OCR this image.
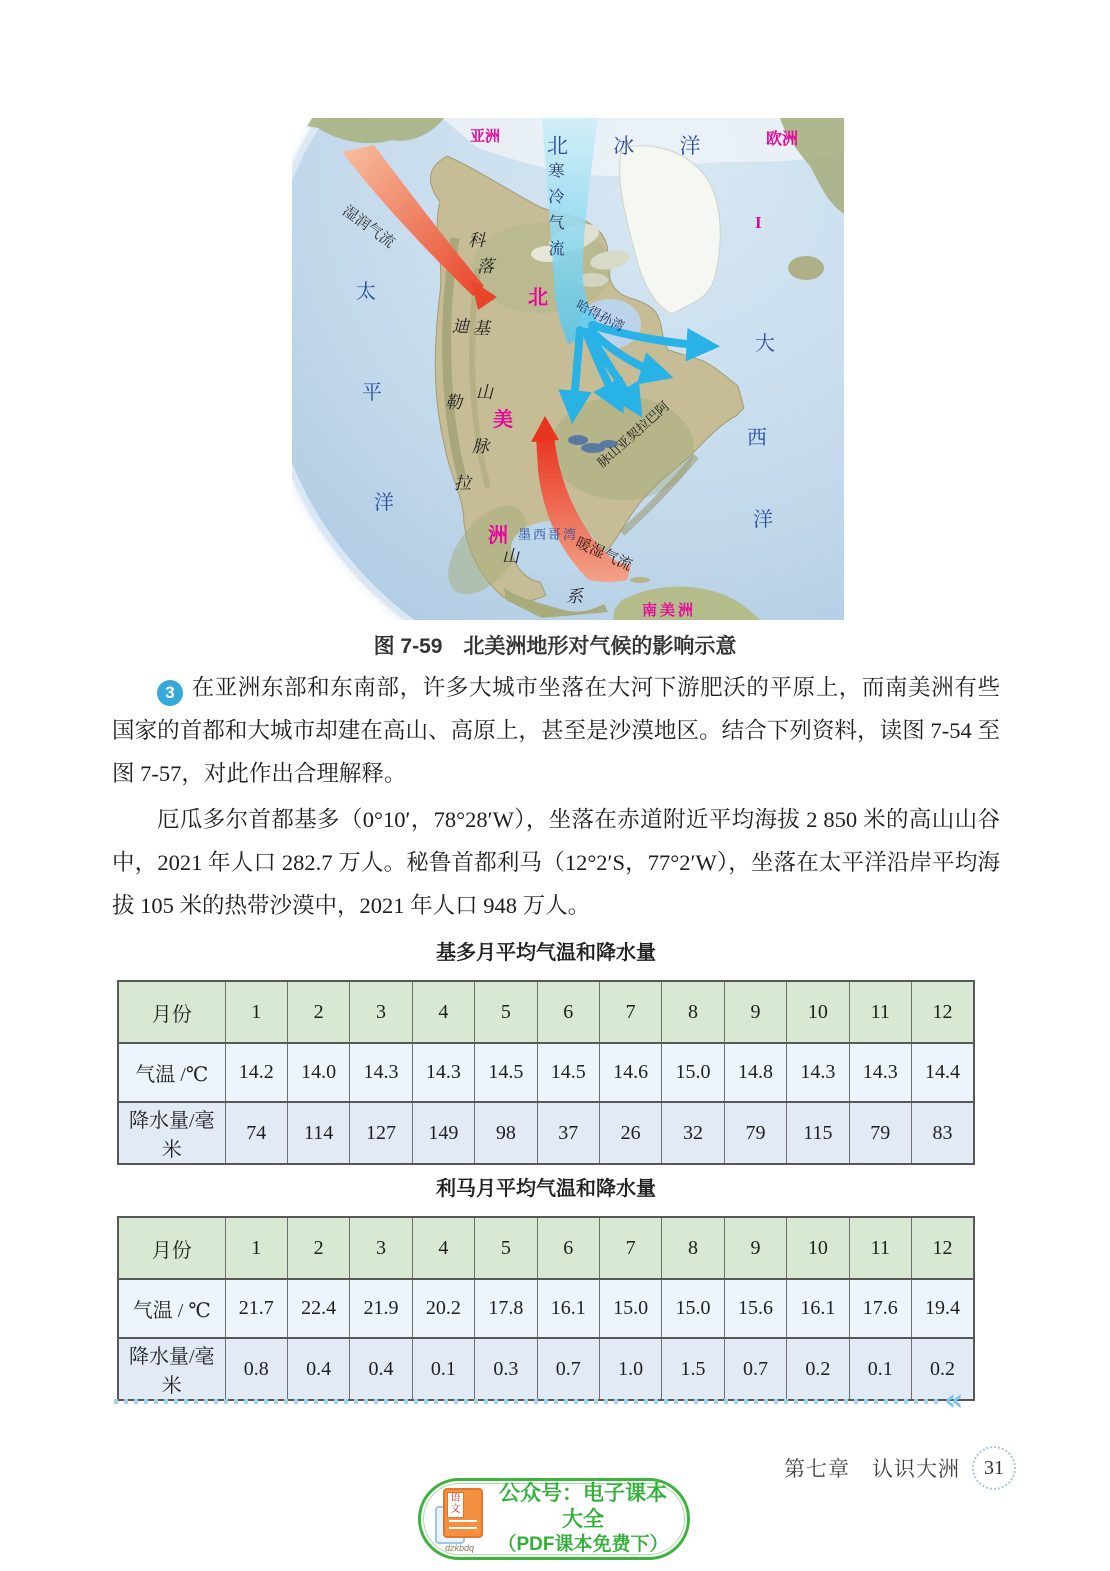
亚洲 北 冰 洋	欧洲
寒冷气流
湿润气流
太
平
洋
大
西
洋
北
美
洲
科
落
迪 基
勒
山
脉
拉
山
系
哈得孙湾
脉山亚契拉巴阿
墨西哥湾
暖湿气流
南美洲
I
图 7-59　北美洲地形对气候的影响示意

3 在亚洲东部和东南部，许多大城市坐落在大河下游肥沃的平原上，而南美洲有些国家的首都和大城市却建在高山、高原上，甚至是沙漠地区。结合下列资料，读图 7-54 至图 7-57，对此作出合理解释。

厄瓜多尔首都基多（0°10′，78°28′W），坐落在赤道附近平均海拔 2 850 米的高山山谷中，2021 年人口 282.7 万人。秘鲁首都利马（12°2′S，77°2′W），坐落在太平洋沿岸平均海拔 105 米的热带沙漠中，2021 年人口 948 万人。

基多月平均气温和降水量
月份	1	2	3	4	5	6	7	8	9	10	11	12
气温 /℃	14.2	14.0	14.3	14.3	14.5	14.5	14.6	15.0	14.8	14.3	14.3	14.4
降水量/毫米	74	114	127	149	98	37	26	32	79	115	79	83
利马月平均气温和降水量
月份	1	2	3	4	5	6	7	8	9	10	11	12
气温 / ℃	21.7	22.4	21.9	20.2	17.8	16.1	15.0	15.0	15.6	16.1	17.6	19.4
降水量/毫米	0.8	0.4	0.4	0.1	0.3	0.7	1.0	1.5	0.7	0.2	0.1	0.2
«
第七章　认识大洲	31
语文
dzkbdq
公众号：电子课本大全
（PDF课本免费下）
